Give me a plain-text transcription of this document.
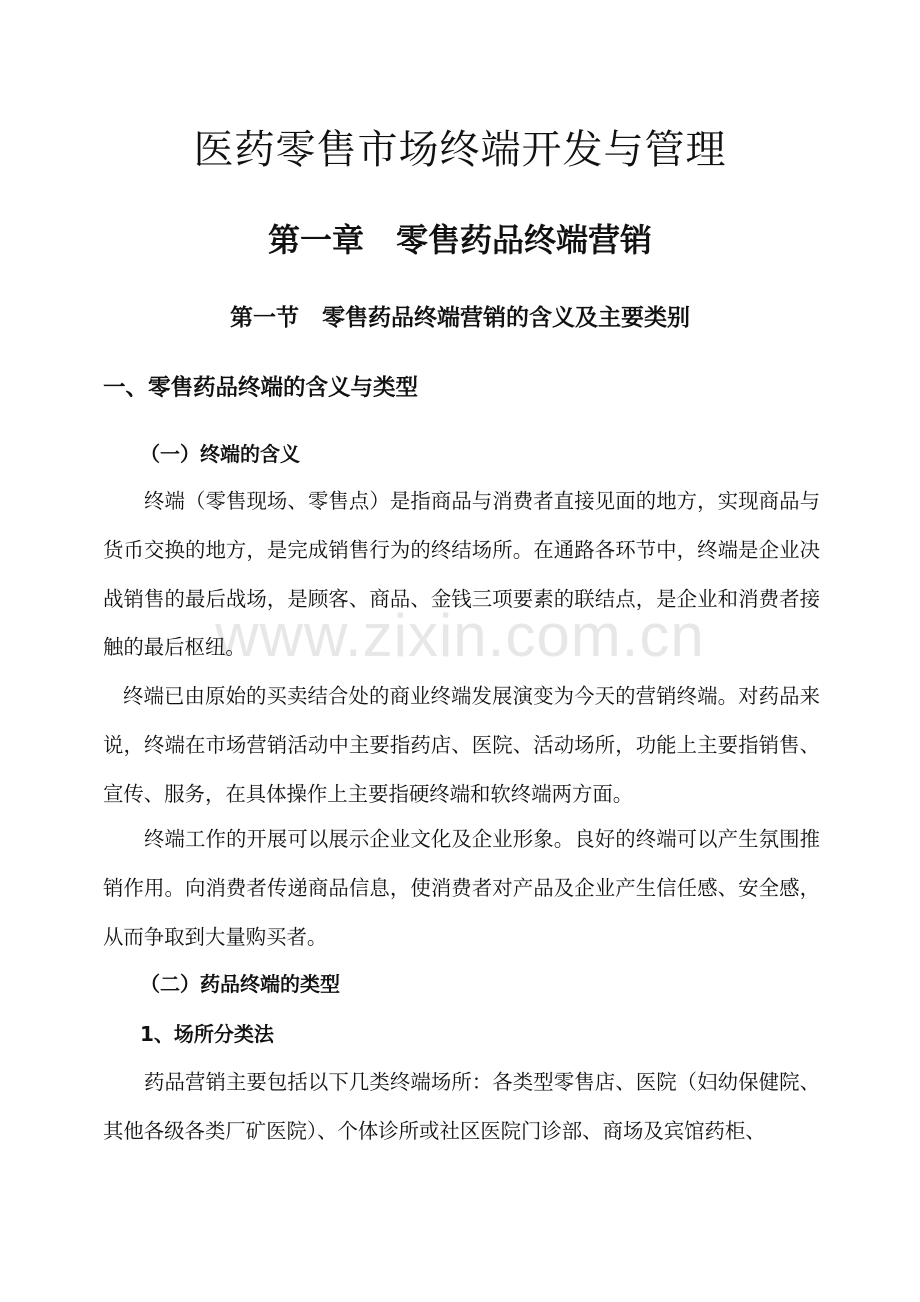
www.zixin.com.cn
医药零售市场终端开发与管理
第一章　零售药品终端营销
第一节　零售药品终端营销的含义及主要类别
一、零售药品终端的含义与类型
（一）终端的含义

终端（零售现场、零售点）是指商品与消费者直接见面的地方，实现商品与货币交换的地方，是完成销售行为的终结场所。在通路各环节中，终端是企业决战销售的最后战场，是顾客、商品、金钱三项要素的联结点，是企业和消费者接触的最后枢纽。

终端已由原始的买卖结合处的商业终端发展演变为今天的营销终端。对药品来说，终端在市场营销活动中主要指药店、医院、活动场所，功能上主要指销售、宣传、服务，在具体操作上主要指硬终端和软终端两方面。

终端工作的开展可以展示企业文化及企业形象。良好的终端可以产生氛围推销作用。向消费者传递商品信息，使消费者对产品及企业产生信任感、安全感，从而争取到大量购买者。

（二）药品终端的类型
1、场所分类法

药品营销主要包括以下几类终端场所：各类型零售店、医院（妇幼保健院、其他各级各类厂矿医院）、个体诊所或社区医院门诊部、商场及宾馆药柜、
